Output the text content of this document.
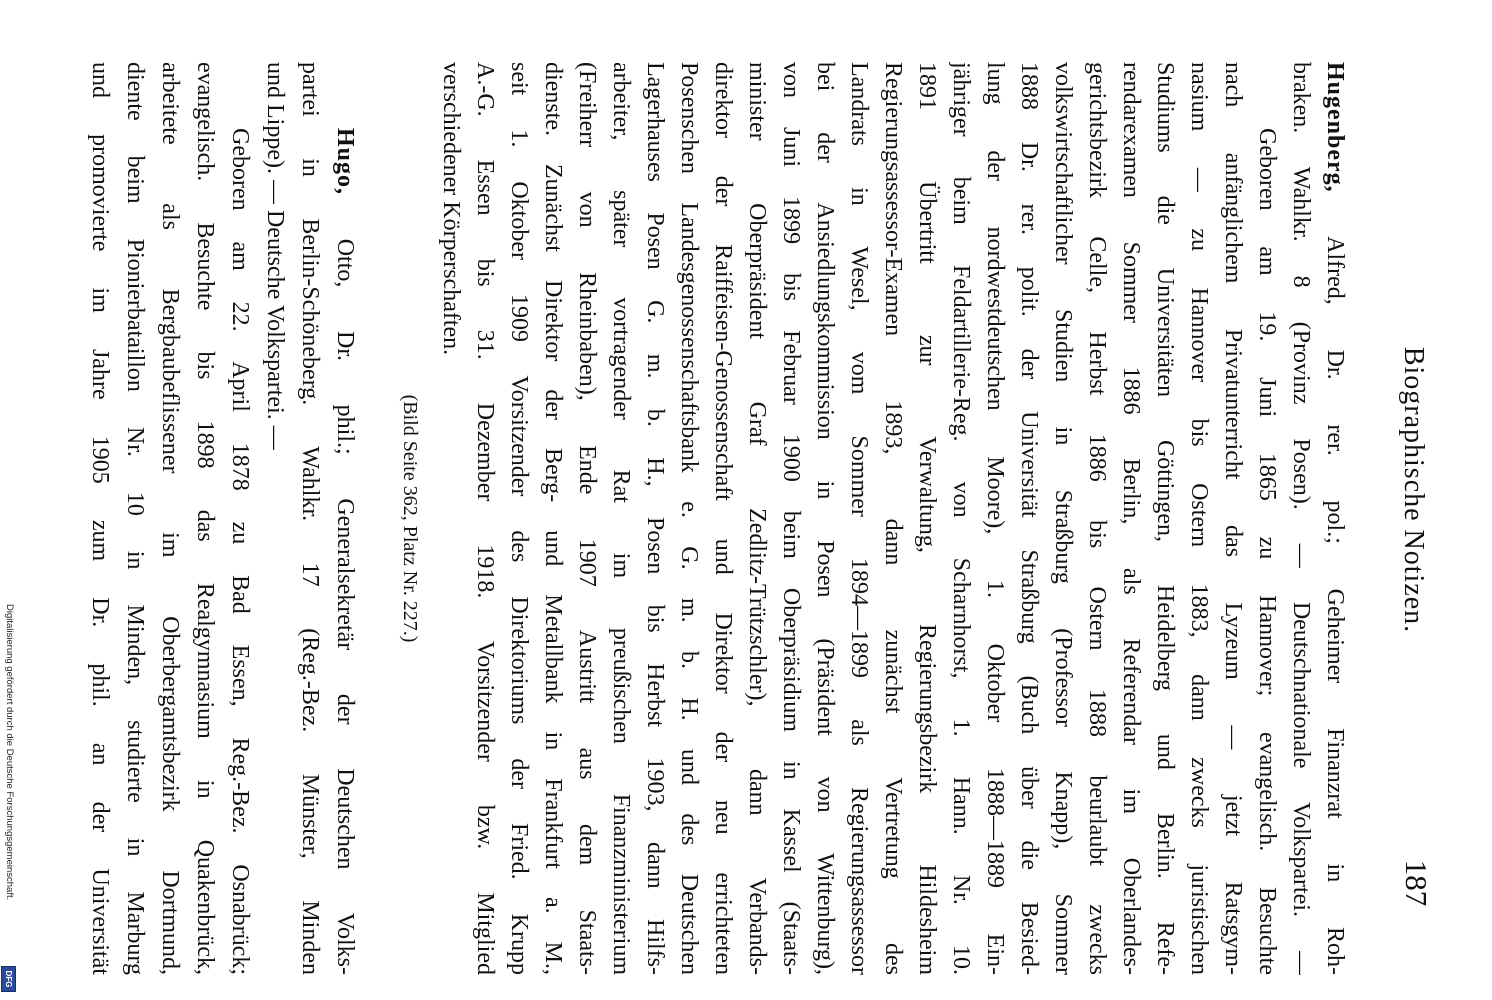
Biographische Notizen.
187
Hugenberg, Alfred, Dr. rer. pol.; Geheimer Finanzrat in Roh-
braken. Wahlkr. 8 (Provinz Posen). — Deutschnationale Volkspartei. —
Geboren am 19. Juni 1865 zu Hannover; evangelisch. Besuchte
nach anfänglichem Privatunterricht das Lyzeum — jetzt Ratsgym-
nasium — zu Hannover bis Ostern 1883, dann zwecks juristischen
Studiums die Universitäten Göttingen, Heidelberg und Berlin. Refe-
rendarexamen Sommer 1886 Berlin, als Referendar im Oberlandes-
gerichtsbezirk Celle, Herbst 1886 bis Ostern 1888 beurlaubt zwecks
volkswirtschaftlicher Studien in Straßburg (Professor Knapp), Sommer
1888 Dr. rer. polit. der Universität Straßburg (Buch über die Besied-
lung der nordwestdeutschen Moore), 1. Oktober 1888—1889 Ein-
jähriger beim Feldartillerie-Reg. von Scharnhorst, 1. Hann. Nr. 10.
1891 Übertritt zur Verwaltung, Regierungsbezirk Hildesheim
Regierungsassessor-Examen 1893, dann zunächst Vertretung des
Landrats in Wesel, vom Sommer 1894—1899 als Regierungsassessor
bei der Ansiedlungskommission in Posen (Präsident von Wittenburg),
von Juni 1899 bis Februar 1900 beim Oberpräsidium in Kassel (Staats-
minister Oberpräsident Graf Zedlitz-Trützschler), dann Verbands-
direktor der Raiffeisen-Genossenschaft und Direktor der neu errichteten
Posenschen Landesgenossenschaftsbank e. G. m. b. H. und des Deutschen
Lagerhauses Posen G. m. b. H., Posen bis Herbst 1903, dann Hilfs-
arbeiter, später vortragender Rat im preußischen Finanzministerium
(Freiherr von Rheinbaben), Ende 1907 Austritt aus dem Staats-
dienste. Zunächst Direktor der Berg- und Metallbank in Frankfurt a. M.,
seit 1. Oktober 1909 Vorsitzender des Direktoriums der Fried. Krupp
A.-G. Essen bis 31. Dezember 1918. Vorsitzender bzw. Mitglied
verschiedener Körperschaften.
(Bild Seite 362, Platz Nr. 227.)
Hugo, Otto, Dr. phil.; Generalsekretär der Deutschen Volks-
partei in Berlin-Schöneberg. Wahlkr. 17 (Reg.-Bez. Münster, Minden
und Lippe). — Deutsche Volkspartei. —
Geboren am 22. April 1878 zu Bad Essen, Reg.-Bez. Osnabrück;
evangelisch. Besuchte bis 1898 das Realgymnasium in Quakenbrück,
arbeitete als Bergbaubeflissener im Oberbergamtsbezirk Dortmund,
diente beim Pionierbataillon Nr. 10 in Minden, studierte in Marburg
und promovierte im Jahre 1905 zum Dr. phil. an der Universität
Digitalisierung gefördert durch die Deutsche Forschungsgemeinschaft.
DFG
